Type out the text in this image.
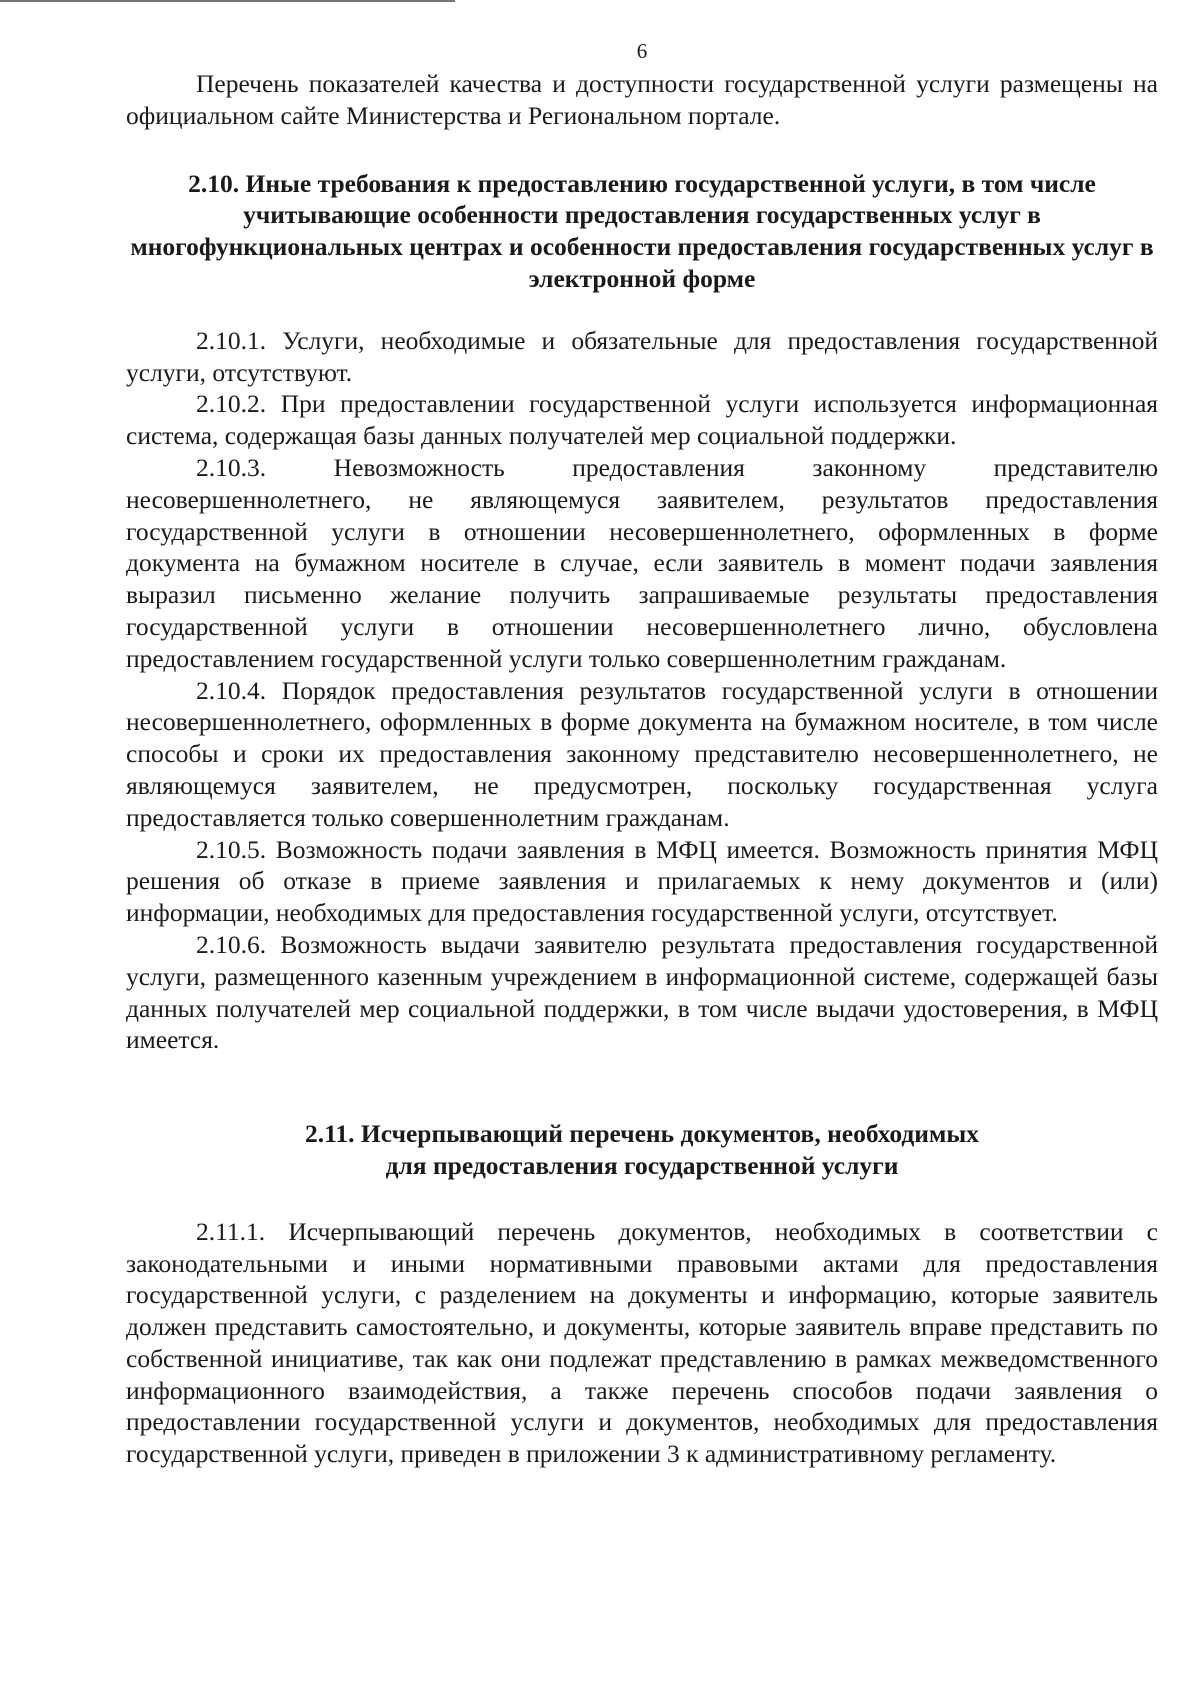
6

Перечень показателей качества и доступности государственной услуги размещены на официальном сайте Министерства и Региональном портале.

2.10. Иные требования к предоставлению государственной услуги, в том числе учитывающие особенности предоставления государственных услуг в многофункциональных центрах и особенности предоставления государственных услуг в электронной форме

2.10.1. Услуги, необходимые и обязательные для предоставления государственной услуги, отсутствуют.

2.10.2. При предоставлении государственной услуги используется информационная система, содержащая базы данных получателей мер социальной поддержки.

2.10.3. Невозможность предоставления законному представителю несовершеннолетнего, не являющемуся заявителем, результатов предоставления государственной услуги в отношении несовершеннолетнего, оформленных в форме документа на бумажном носителе в случае, если заявитель в момент подачи заявления выразил письменно желание получить запрашиваемые результаты предоставления государственной услуги в отношении несовершеннолетнего лично, обусловлена предоставлением государственной услуги только совершеннолетним гражданам.

2.10.4. Порядок предоставления результатов государственной услуги в отношении несовершеннолетнего, оформленных в форме документа на бумажном носителе, в том числе способы и сроки их предоставления законному представителю несовершеннолетнего, не являющемуся заявителем, не предусмотрен, поскольку государственная услуга предоставляется только совершеннолетним гражданам.

2.10.5. Возможность подачи заявления в МФЦ имеется. Возможность принятия МФЦ решения об отказе в приеме заявления и прилагаемых к нему документов и (или) информации, необходимых для предоставления государственной услуги, отсутствует.

2.10.6. Возможность выдачи заявителю результата предоставления государственной услуги, размещенного казенным учреждением в информационной системе, содержащей базы данных получателей мер социальной поддержки, в том числе выдачи удостоверения, в МФЦ имеется.

2.11. Исчерпывающий перечень документов, необходимых
для предоставления государственной услуги

2.11.1. Исчерпывающий перечень документов, необходимых в соответствии с законодательными и иными нормативными правовыми актами для предоставления государственной услуги, с разделением на документы и информацию, которые заявитель должен представить самостоятельно, и документы, которые заявитель вправе представить по собственной инициативе, так как они подлежат представлению в рамках межведомственного информационного взаимодействия, а также перечень способов подачи заявления о предоставлении государственной услуги и документов, необходимых для предоставления государственной услуги, приведен в приложении 3 к административному регламенту.
